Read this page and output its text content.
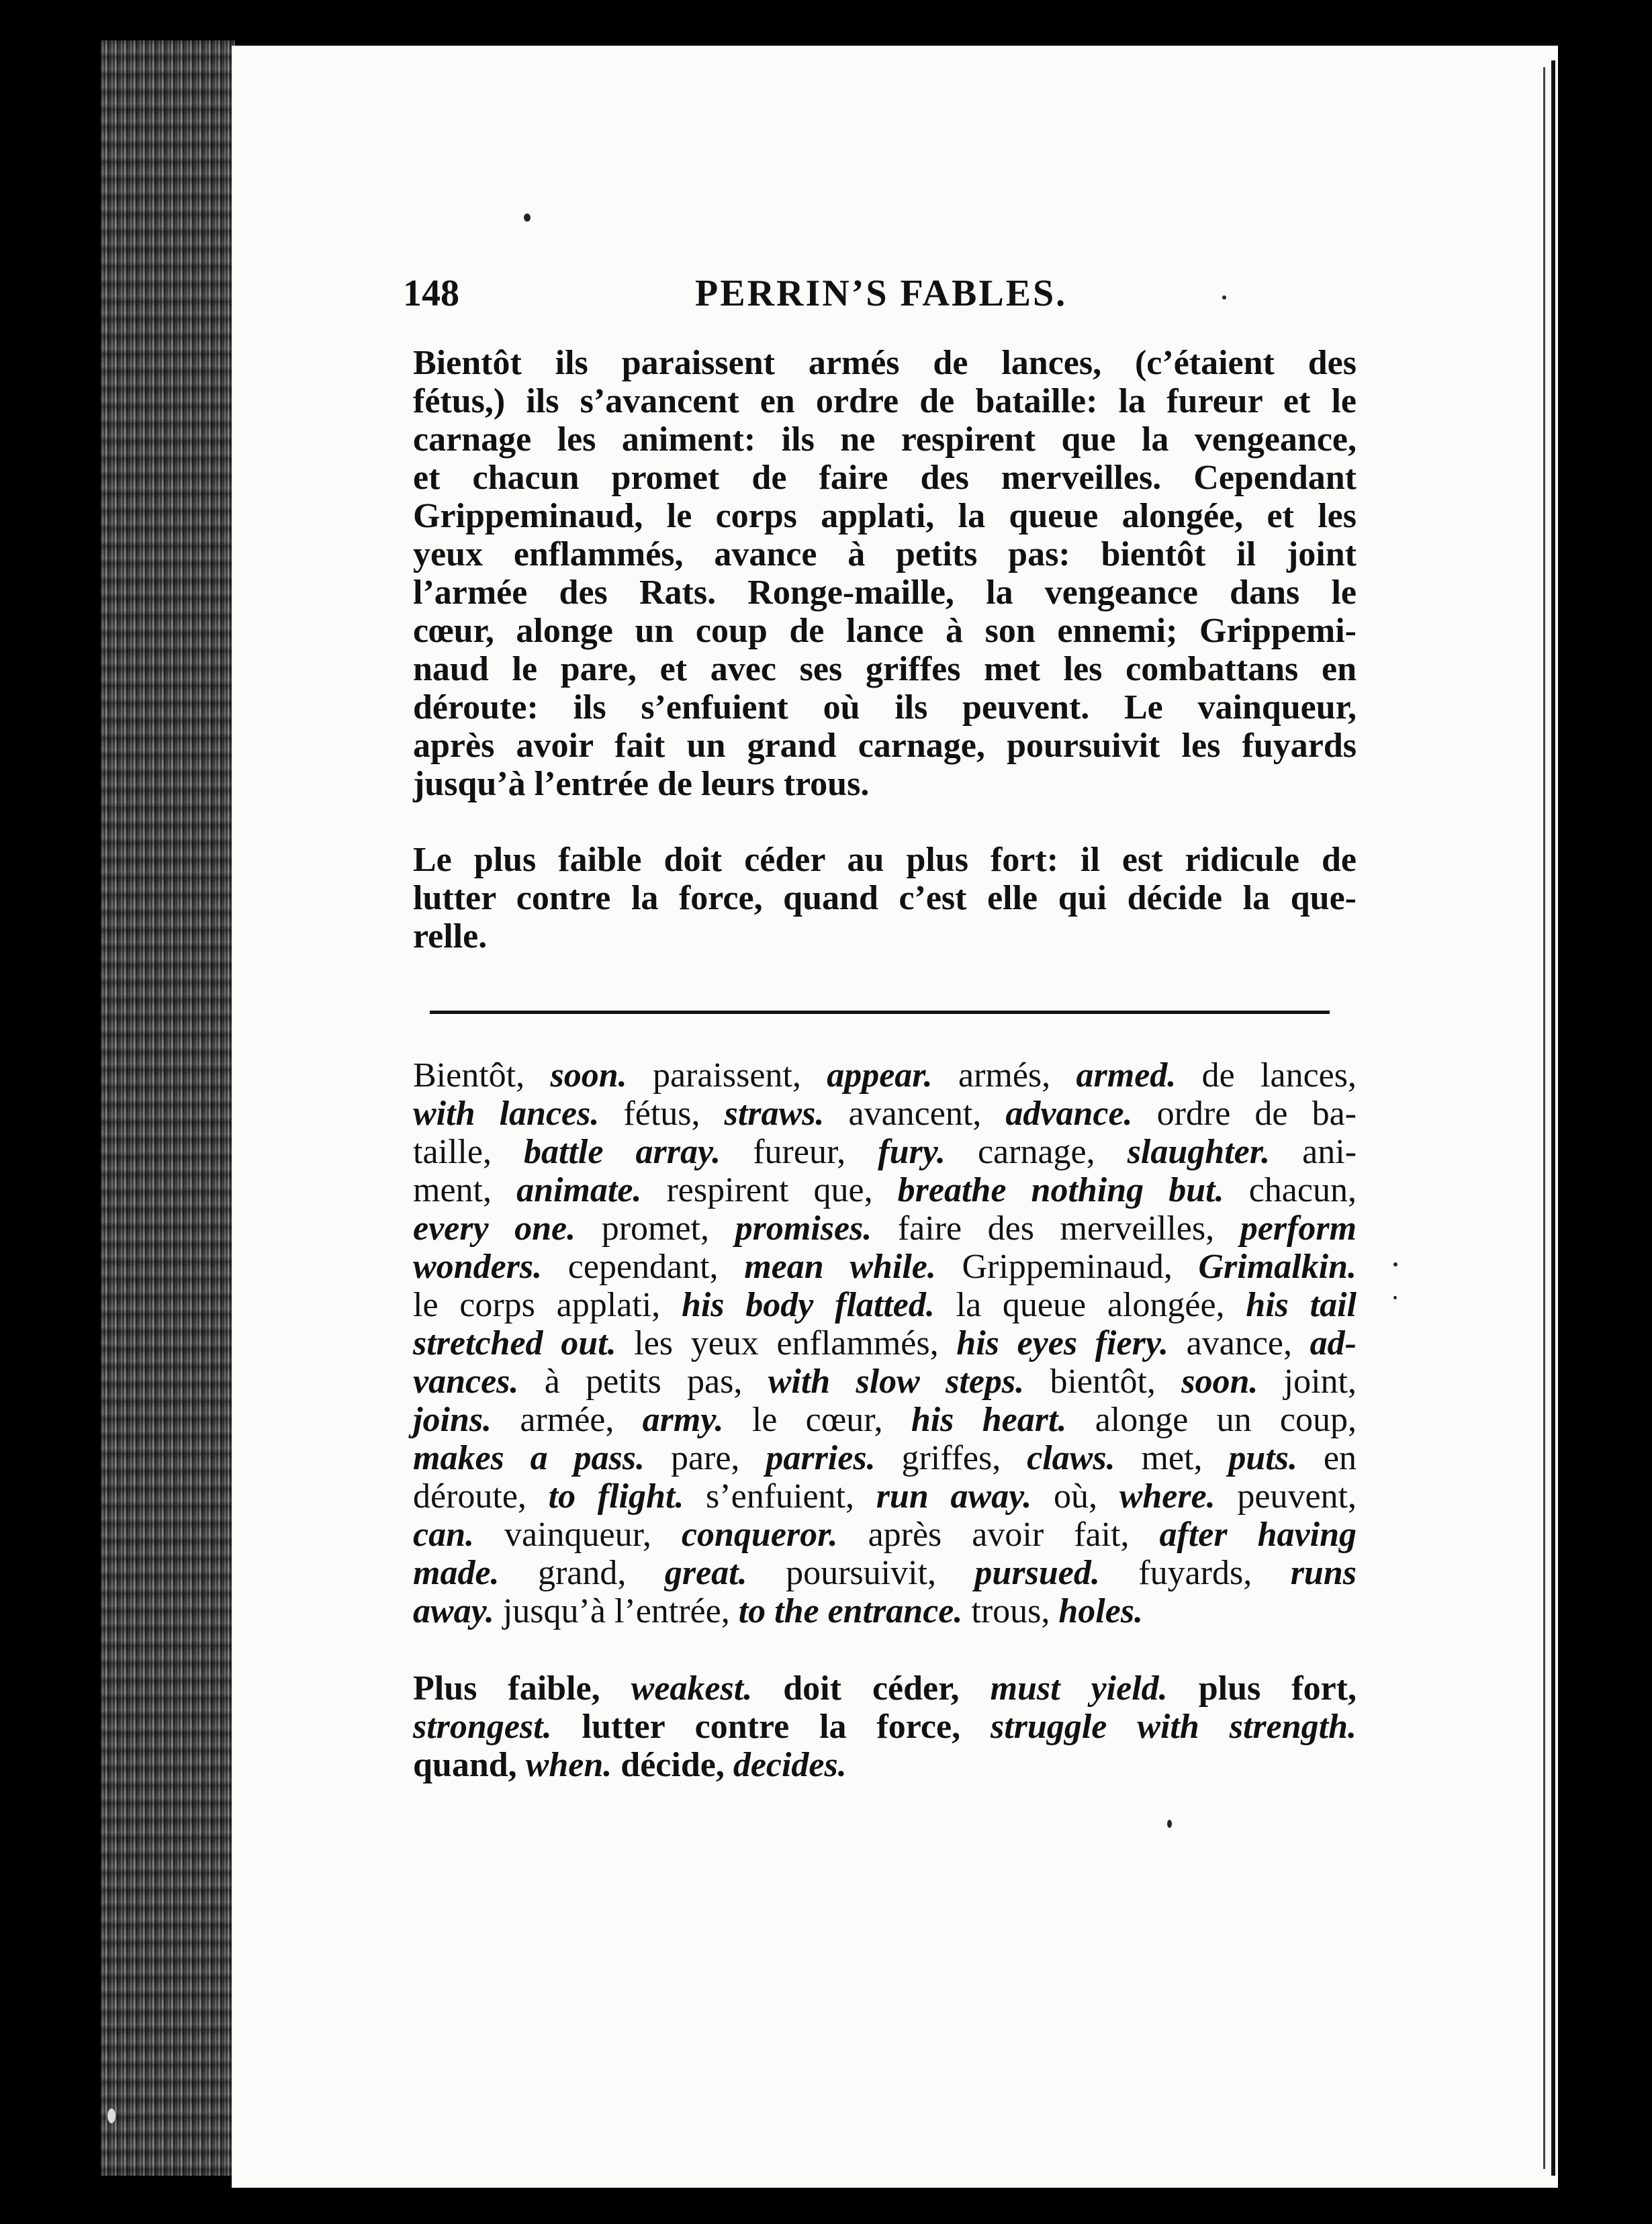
148	PERRIN’S FABLES.
Bientôt ils paraissent armés de lances, (c’étaient des
fétus,) ils s’avancent en ordre de bataille: la fureur et le
carnage les animent: ils ne respirent que la vengeance,
et chacun promet de faire des merveilles. Cependant
Grippeminaud, le corps applati, la queue alongée, et les
yeux enflammés, avance à petits pas: bientôt il joint
l’armée des Rats. Ronge-maille, la vengeance dans le
cœur, alonge un coup de lance à son ennemi; Grippemi-
naud le pare, et avec ses griffes met les combattans en
déroute: ils s’enfuient où ils peuvent. Le vainqueur,
après avoir fait un grand carnage, poursuivit les fuyards
jusqu’à l’entrée de leurs trous.
Le plus faible doit céder au plus fort: il est ridicule de
lutter contre la force, quand c’est elle qui décide la que-
relle.
Bientôt, soon. paraissent, appear. armés, armed. de lances,
with lances. fétus, straws. avancent, advance. ordre de ba-
taille, battle array. fureur, fury. carnage, slaughter. ani-
ment, animate. respirent que, breathe nothing but. chacun,
every one. promet, promises. faire des merveilles, perform
wonders. cependant, mean while. Grippeminaud, Grimalkin.
le corps applati, his body flatted. la queue alongée, his tail
stretched out. les yeux enflammés, his eyes fiery. avance, ad-
vances. à petits pas, with slow steps. bientôt, soon. joint,
joins. armée, army. le cœur, his heart. alonge un coup,
makes a pass. pare, parries. griffes, claws. met, puts. en
déroute, to flight. s’enfuient, run away. où, where. peuvent,
can. vainqueur, conqueror. après avoir fait, after having
made. grand, great. poursuivit, pursued. fuyards, runs
away. jusqu’à l’entrée, to the entrance. trous, holes.
Plus faible, weakest. doit céder, must yield. plus fort,
strongest. lutter contre la force, struggle with strength.
quand, when. décide, decides.
